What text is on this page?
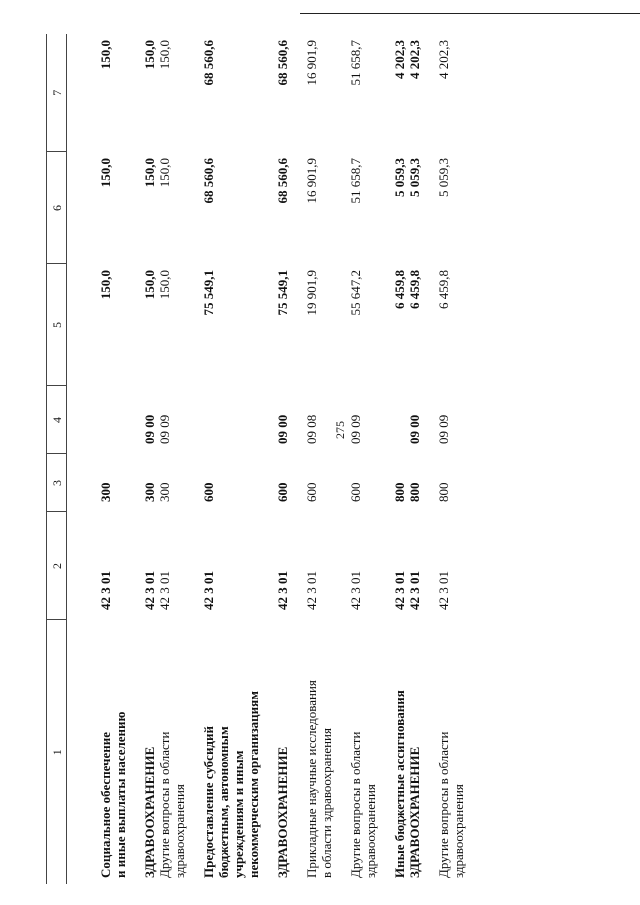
275
1	2	3	4	5	6	7

Социальное обеспечение и иные выплаты населению	42 3 01	300		150,0	150,0	150,0

ЗДРАВООХРАНЕНИЕ	42 3 01	300	09 00	150,0	150,0	150,0

Другие вопросы в области здравоохранения	42 3 01	300	09 09	150,0	150,0	150,0

Предоставление субсидий бюджетным, автономным учреждениям и иным некоммерческим организациям	42 3 01	600		75 549,1	68 560,6	68 560,6

ЗДРАВООХРАНЕНИЕ	42 3 01	600	09 00	75 549,1	68 560,6	68 560,6

Прикладные научные исследования в области здравоохранения	42 3 01	600	09 08	19 901,9	16 901,9	16 901,9

Другие вопросы в области здравоохранения	42 3 01	600	09 09	55 647,2	51 658,7	51 658,7

Иные бюджетные ассигнования	42 3 01	800		6 459,8	5 059,3	4 202,3

ЗДРАВООХРАНЕНИЕ	42 3 01	800	09 00	6 459,8	5 059,3	4 202,3

Другие вопросы в области здравоохранения	42 3 01	800	09 09	6 459,8	5 059,3	4 202,3
